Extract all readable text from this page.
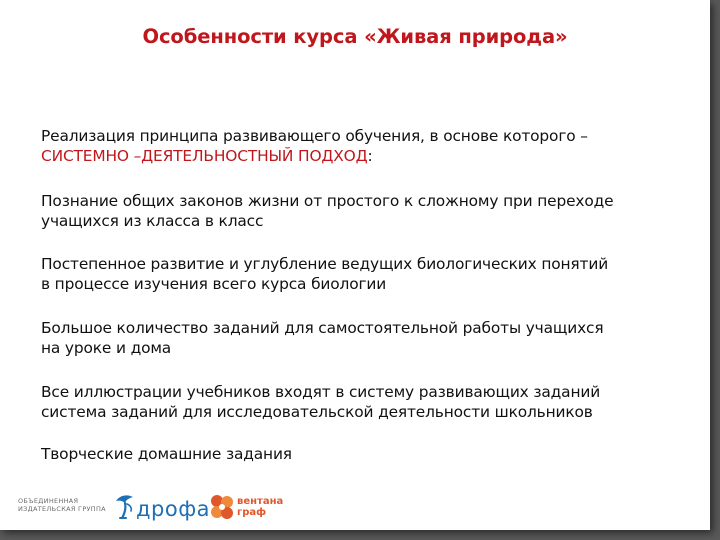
Особенности курса «Живая природа»
Реализация принципа развивающего обучения, в основе которого –
СИСТЕМНО –ДЕЯТЕЛЬНОСТНЫЙ ПОДХОД:
Познание общих законов жизни от простого к сложному при переходе
учащихся из класса в класс
Постепенное развитие и углубление ведущих биологических понятий
в процессе изучения всего курса биологии
Большое количество заданий для самостоятельной работы учащихся
на уроке и дома
Все иллюстрации учебников входят в систему развивающих заданий
система заданий для исследовательской деятельности школьников
Творческие домашние задания
ОБЪЕДИНЕННАЯ
ИЗДАТЕЛЬСКАЯ ГРУППА дрофа	вентана
граф
